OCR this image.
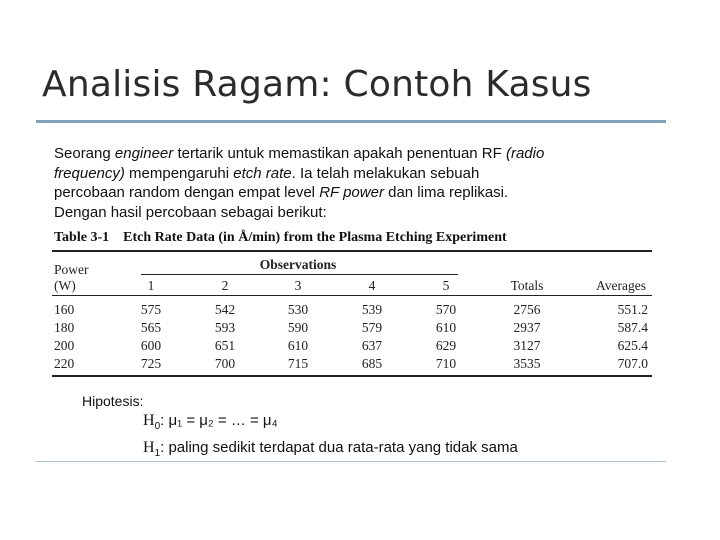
Analisis Ragam: Contoh Kasus

Seorang engineer tertarik untuk memastikan apakah penentuan RF (radio

frequency) mempengaruhi etch rate. Ia telah melakukan sebuah

percobaan random dengan empat level RF power dan lima replikasi.

Dengan hasil percobaan sebagai berikut:

Table 3-1 Etch Rate Data (in Å/min) from the Plasma Etching Experiment
Power
(W)
Observations
1	2	3	4	5	Totals	Averages
160	575	542	530	539	570	2756	551.2
180	565	593	590	579	610	2937	587.4
200	600	651	610	637	629	3127	625.4
220	725	700	715	685	710	3535	707.0
Hipotesis:
$H_0$: μ₁ = μ₂ = … = μ₄
$H_1$: paling sedikit terdapat dua rata-rata yang tidak sama
